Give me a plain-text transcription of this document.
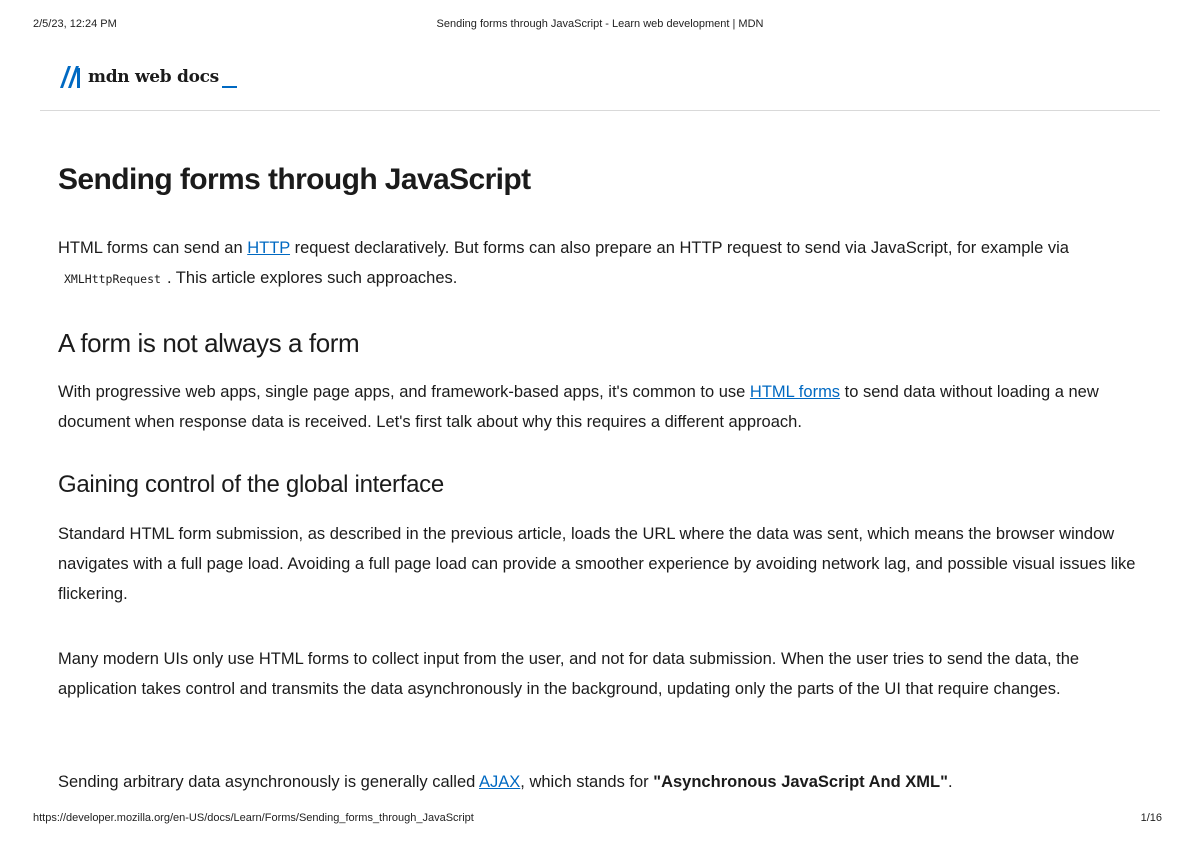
2/5/23, 12:24 PM	Sending forms through JavaScript - Learn web development | MDN
mdn web docs
Sending forms through JavaScript

HTML forms can send an HTTP request declaratively. But forms can also prepare an HTTP request to send via JavaScript, for example via XMLHttpRequest . This article explores such approaches.

A form is not always a form

With progressive web apps, single page apps, and framework-based apps, it's common to use HTML forms to send data without loading a new document when response data is received. Let's first talk about why this requires a different approach.

Gaining control of the global interface

Standard HTML form submission, as described in the previous article, loads the URL where the data was sent, which means the browser window navigates with a full page load. Avoiding a full page load can provide a smoother experience by avoiding network lag, and possible visual issues like flickering.

Many modern UIs only use HTML forms to collect input from the user, and not for data submission. When the user tries to send the data, the application takes control and transmits the data asynchronously in the background, updating only the parts of the UI that require changes.

Sending arbitrary data asynchronously is generally called AJAX, which stands for "Asynchronous JavaScript And XML".

https://developer.mozilla.org/en-US/docs/Learn/Forms/Sending_forms_through_JavaScript	1/16
